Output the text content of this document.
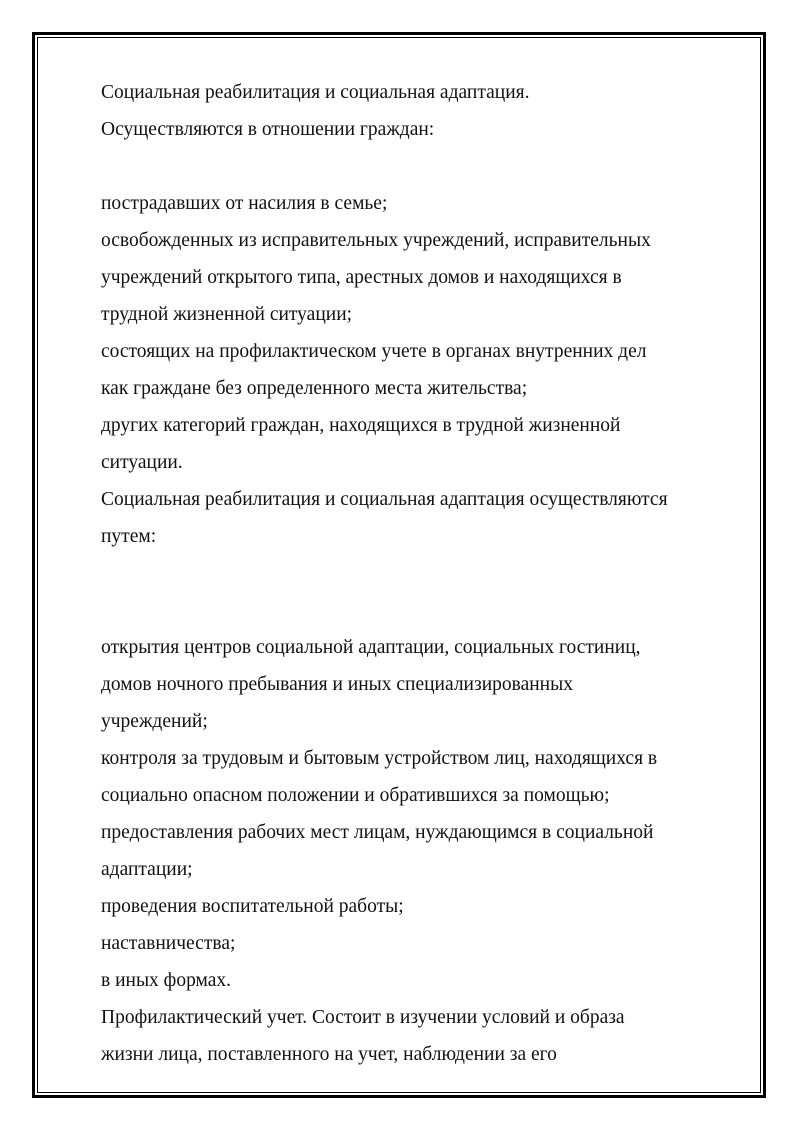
Социальная реабилитация и социальная адаптация.
Осуществляются в отношении граждан:
пострадавших от насилия в семье;
освобожденных из исправительных учреждений, исправительных
учреждений открытого типа, арестных домов и находящихся в
трудной жизненной ситуации;
состоящих на профилактическом учете в органах внутренних дел
как граждане без определенного места жительства;
других категорий граждан, находящихся в трудной жизненной
ситуации.
Социальная реабилитация и социальная адаптация осуществляются
путем:
открытия центров социальной адаптации, социальных гостиниц,
домов ночного пребывания и иных специализированных
учреждений;
контроля за трудовым и бытовым устройством лиц, находящихся в
социально опасном положении и обратившихся за помощью;
предоставления рабочих мест лицам, нуждающимся в социальной
адаптации;
проведения воспитательной работы;
наставничества;
в иных формах.
Профилактический учет. Состоит в изучении условий и образа
жизни лица, поставленного на учет, наблюдении за его
